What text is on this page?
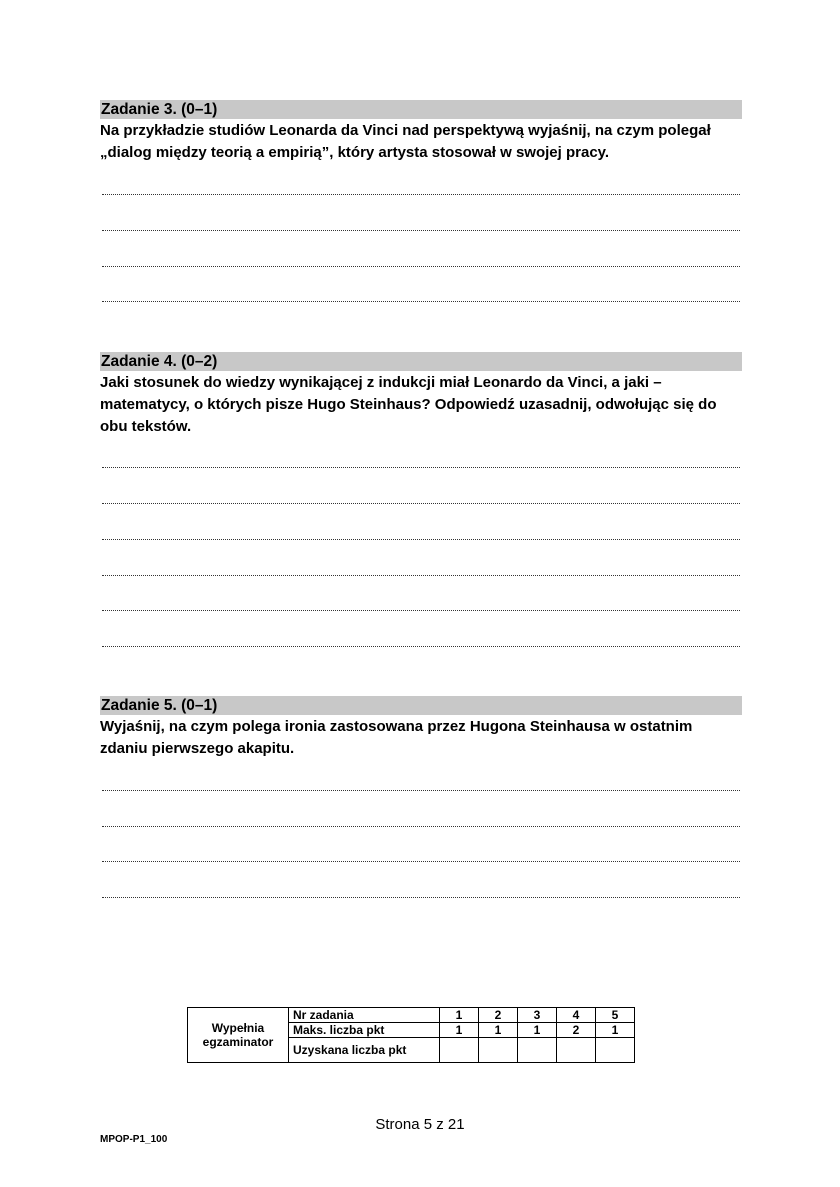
Zadanie 3. (0–1)
Na przykładzie studiów Leonarda da Vinci nad perspektywą wyjaśnij, na czym polegał
„dialog między teorią a empirią”, który artysta stosował w swojej pracy.
Zadanie 4. (0–2)
Jaki stosunek do wiedzy wynikającej z indukcji miał Leonardo da Vinci, a jaki –
matematycy, o których pisze Hugo Steinhaus? Odpowiedź uzasadnij, odwołując się do
obu tekstów.
Zadanie 5. (0–1)
Wyjaśnij, na czym polega ironia zastosowana przez Hugona Steinhausa w ostatnim
zdaniu pierwszego akapitu.
Wypełnia
egzaminator	Nr zadania	1	2	3	4	5
	Maks. liczba pkt	1	1	1	2	1
	Uzyskana liczba pkt					
Strona 5 z 21
MPOP-P1_100
